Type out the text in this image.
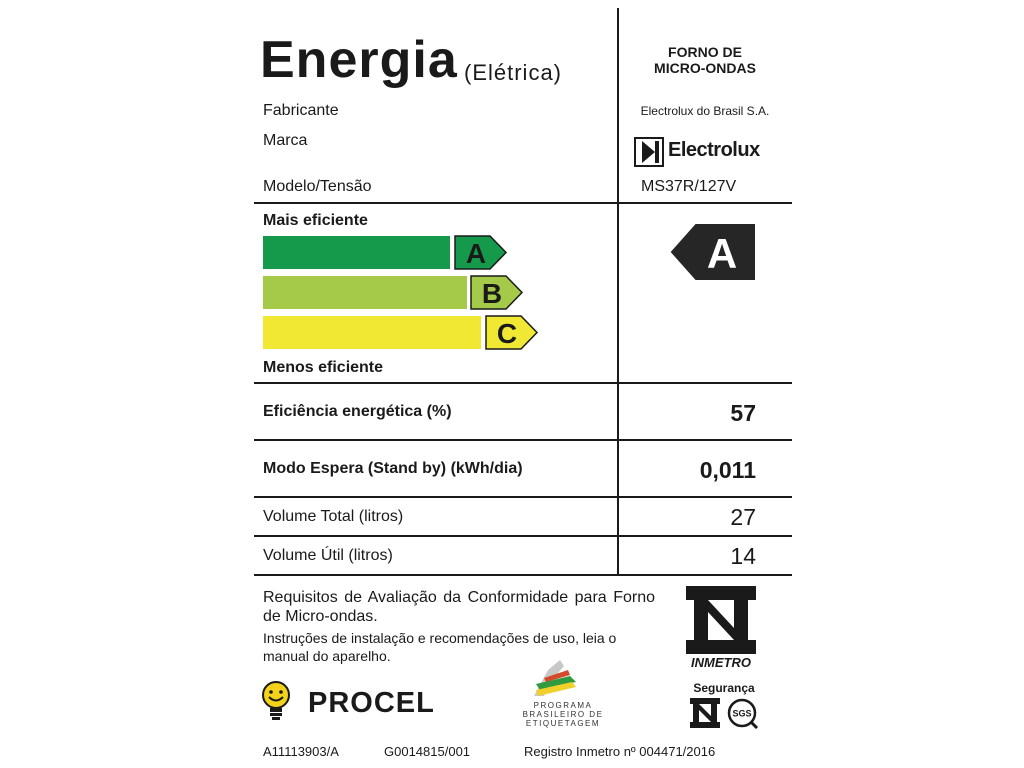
Energia (Elétrica)
FORNO DE
MICRO-ONDAS
Fabricante	Electrolux do Brasil S.A.
Marca	Electrolux
Modelo/Tensão	MS37R/127V
Mais eficiente
A
B
C
Menos eficiente
A
Eficiência energética (%)	57
Modo Espera (Stand by) (kWh/dia)	0,011
Volume Total (litros)	27
Volume Útil (litros)	14
Requisitos de Avaliação da Conformidade para Forno de Micro-ondas.
Instruções de instalação e recomendações de uso, leia o manual do aparelho.
PROCEL	PROGRAMA
BRASILEIRO DE
ETIQUETAGEM
INMETRO
Segurança
SGS
A11113903/A	G0014815/001	Registro Inmetro nº 004471/2016
